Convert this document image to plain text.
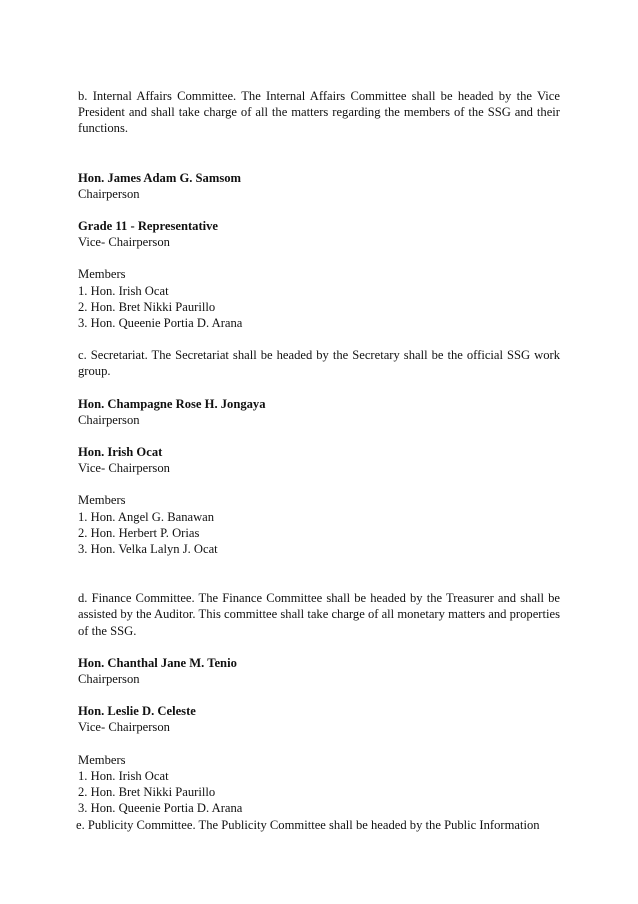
b. Internal Affairs Committee. The Internal Affairs Committee shall be headed by the Vice President and shall take charge of all the matters regarding the members of the SSG and their functions.

Hon. James Adam G. Samsom
Chairperson
Grade 11 - Representative
Vice- Chairperson
Members
1. Hon. Irish Ocat
2. Hon. Bret Nikki Paurillo
3. Hon. Queenie Portia D. Arana

c. Secretariat. The Secretariat shall be headed by the Secretary shall be the official SSG work group.

Hon. Champagne Rose H. Jongaya
Chairperson
Hon. Irish Ocat
Vice- Chairperson
Members
1. Hon. Angel G. Banawan
2. Hon. Herbert P. Orias
3. Hon. Velka Lalyn J. Ocat

d. Finance Committee. The Finance Committee shall be headed by the Treasurer and shall be assisted by the Auditor. This committee shall take charge of all monetary matters and properties of the SSG.

Hon. Chanthal Jane M. Tenio
Chairperson
Hon. Leslie D. Celeste
Vice- Chairperson
Members
1. Hon. Irish Ocat
2. Hon. Bret Nikki Paurillo
3. Hon. Queenie Portia D. Arana
e. Publicity Committee. The Publicity Committee shall be headed by the Public Information
